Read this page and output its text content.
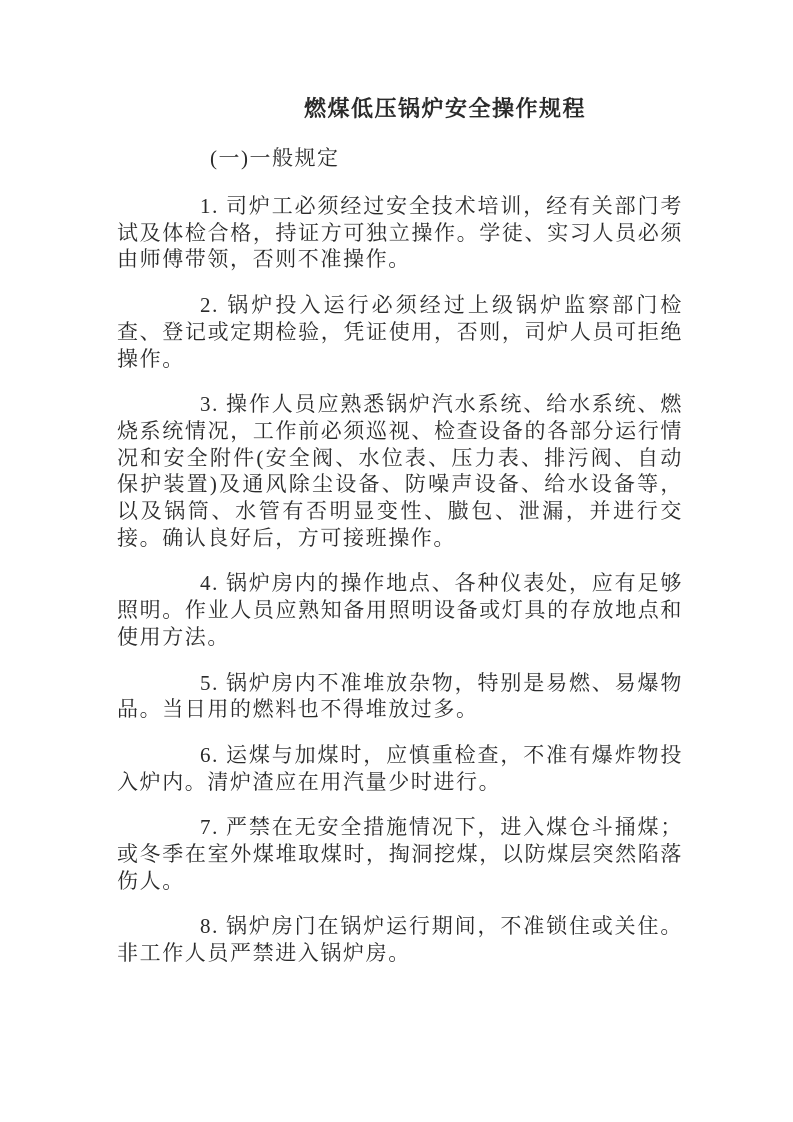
燃煤低压锅炉安全操作规程
(一)一般规定

1. 司炉工必须经过安全技术培训，经有关部门考试及体检合格，持证方可独立操作。学徒、实习人员必须由师傅带领，否则不准操作。

2. 锅炉投入运行必须经过上级锅炉监察部门检查、登记或定期检验，凭证使用，否则，司炉人员可拒绝操作。

3. 操作人员应熟悉锅炉汽水系统、给水系统、燃烧系统情况，工作前必须巡视、检查设备的各部分运行情况和安全附件(安全阀、水位表、压力表、排污阀、自动保护装置)及通风除尘设备、防噪声设备、给水设备等，以及锅筒、水管有否明显变性、臌包、泄漏，并进行交接。确认良好后，方可接班操作。

4. 锅炉房内的操作地点、各种仪表处，应有足够照明。作业人员应熟知备用照明设备或灯具的存放地点和使用方法。

5. 锅炉房内不准堆放杂物，特别是易燃、易爆物品。当日用的燃料也不得堆放过多。

6. 运煤与加煤时，应慎重检查，不准有爆炸物投入炉内。清炉渣应在用汽量少时进行。

7. 严禁在无安全措施情况下，进入煤仓斗捅煤；或冬季在室外煤堆取煤时，掏洞挖煤，以防煤层突然陷落伤人。

8. 锅炉房门在锅炉运行期间，不准锁住或关住。非工作人员严禁进入锅炉房。
